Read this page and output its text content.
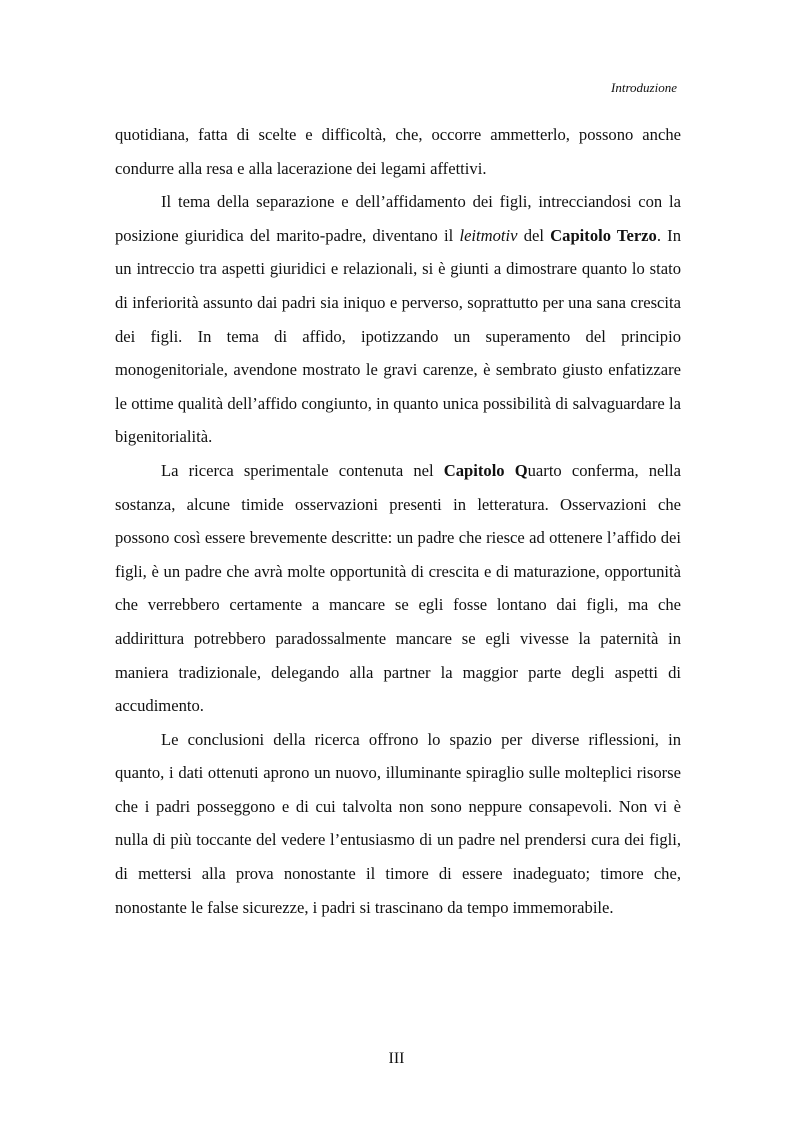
Introduzione

quotidiana, fatta di scelte e difficoltà, che, occorre ammetterlo, possono anche condurre alla resa e alla lacerazione dei legami affettivi.

Il tema della separazione e dell’affidamento dei figli, intrecciandosi con la posizione giuridica del marito-padre, diventano il leitmotiv del Capitolo Terzo. In un intreccio tra aspetti giuridici e relazionali, si è giunti a dimostrare quanto lo stato di inferiorità assunto dai padri sia iniquo e perverso, soprattutto per una sana crescita dei figli. In tema di affido, ipotizzando un superamento del principio monogenitoriale, avendone mostrato le gravi carenze, è sembrato giusto enfatizzare le ottime qualità dell’affido congiunto, in quanto unica possibilità di salvaguardare la bigenitorialità.

La ricerca sperimentale contenuta nel Capitolo Quarto conferma, nella sostanza, alcune timide osservazioni presenti in letteratura. Osservazioni che possono così essere brevemente descritte: un padre che riesce ad ottenere l’affido dei figli, è un padre che avrà molte opportunità di crescita e di maturazione, opportunità che verrebbero certamente a mancare se egli fosse lontano dai figli, ma che addirittura potrebbero paradossalmente mancare se egli vivesse la paternità in maniera tradizionale, delegando alla partner la maggior parte degli aspetti di accudimento.

Le conclusioni della ricerca offrono lo spazio per diverse riflessioni, in quanto, i dati ottenuti aprono un nuovo, illuminante spiraglio sulle molteplici risorse che i padri posseggono e di cui talvolta non sono neppure consapevoli. Non vi è nulla di più toccante del vedere l’entusiasmo di un padre nel prendersi cura dei figli, di mettersi alla prova nonostante il timore di essere inadeguato; timore che, nonostante le false sicurezze, i padri si trascinano da tempo immemorabile.

III
